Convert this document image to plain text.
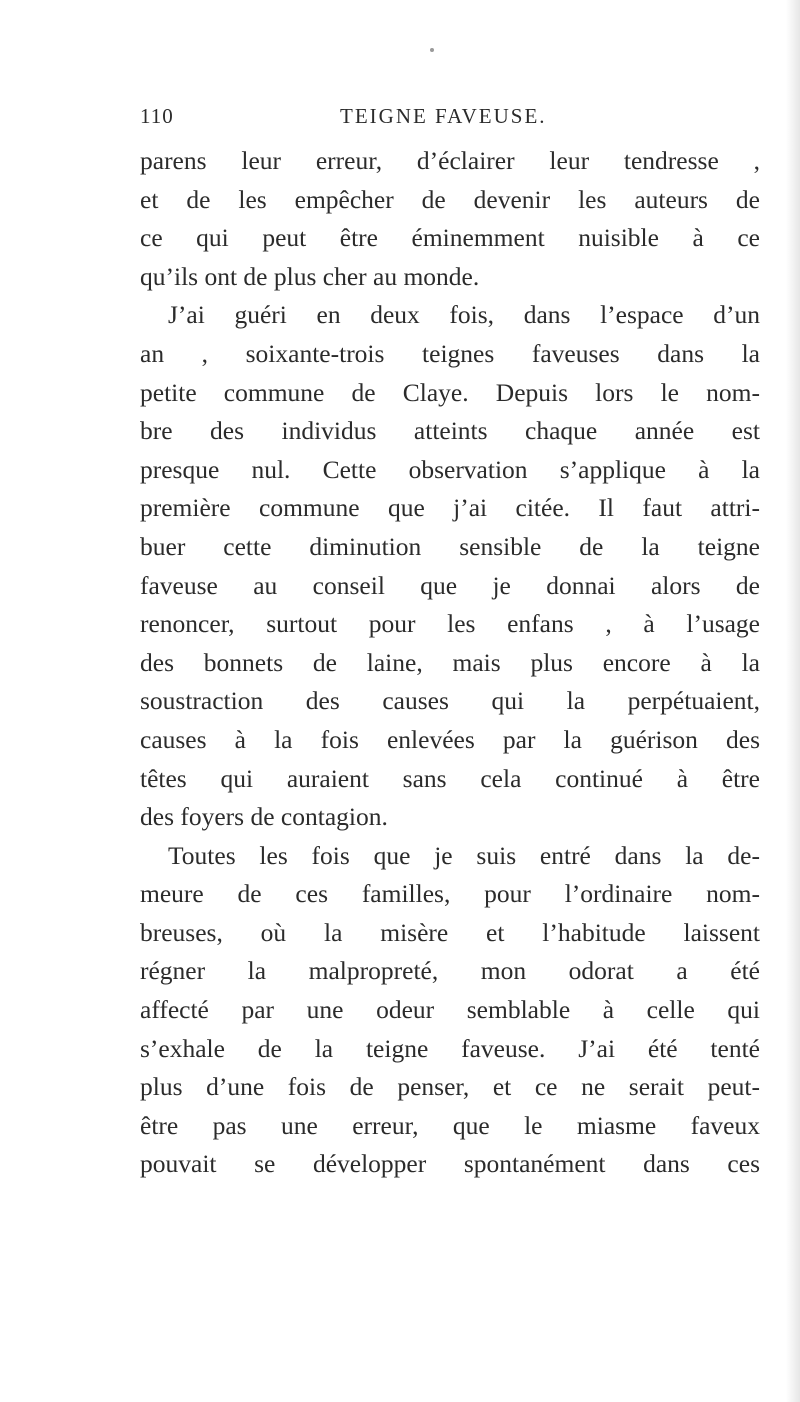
110	TEIGNE FAVEUSE.
parens leur erreur, d’éclairer leur tendresse ,
et de les empêcher de devenir les auteurs de
ce qui peut être éminemment nuisible à ce
qu’ils ont de plus cher au monde.
J’ai guéri en deux fois, dans l’espace d’un
an , soixante-trois teignes faveuses dans la
petite commune de Claye. Depuis lors le nom-
bre des individus atteints chaque année est
presque nul. Cette observation s’applique à la
première commune que j’ai citée. Il faut attri-
buer cette diminution sensible de la teigne
faveuse au conseil que je donnai alors de
renoncer, surtout pour les enfans , à l’usage
des bonnets de laine, mais plus encore à la
soustraction des causes qui la perpétuaient,
causes à la fois enlevées par la guérison des
têtes qui auraient sans cela continué à être
des foyers de contagion.
Toutes les fois que je suis entré dans la de-
meure de ces familles, pour l’ordinaire nom-
breuses, où la misère et l’habitude laissent
régner la malpropreté, mon odorat a été
affecté par une odeur semblable à celle qui
s’exhale de la teigne faveuse. J’ai été tenté
plus d’une fois de penser, et ce ne serait peut-
être pas une erreur, que le miasme faveux
pouvait se développer spontanément dans ces
